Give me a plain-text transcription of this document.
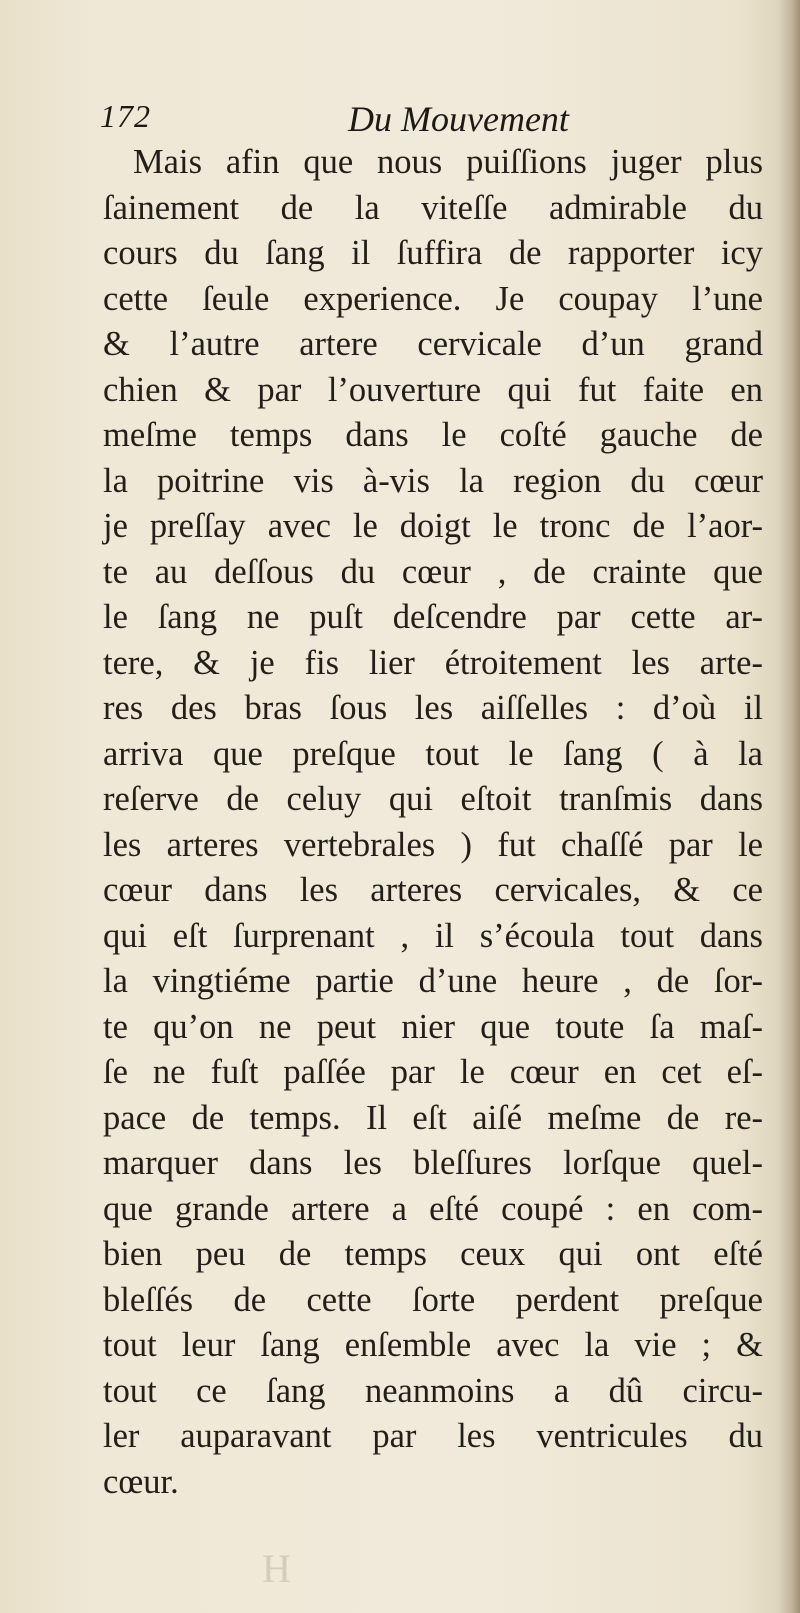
172	Du Mouvement
Mais afin que nous puiſſions juger plus
ſainement de la viteſſe admirable du
cours du ſang il ſuffira de rapporter icy
cette ſeule experience. Je coupay l’une
& l’autre artere cervicale d’un grand
chien & par l’ouverture qui fut faite en
meſme temps dans le coſté gauche de
la poitrine vis à-vis la region du cœur
je preſſay avec le doigt le tronc de l’aor-
te au deſſous du cœur , de crainte que
le ſang ne puſt deſcendre par cette ar-
tere, & je fis lier étroitement les arte-
res des bras ſous les aiſſelles : d’où il
arriva que preſque tout le ſang ( à la
reſerve de celuy qui eſtoit tranſmis dans
les arteres vertebrales ) fut chaſſé par le
cœur dans les arteres cervicales, & ce
qui eſt ſurprenant , il s’écoula tout dans
la vingtiéme partie d’une heure , de ſor-
te qu’on ne peut nier que toute ſa maſ-
ſe ne fuſt paſſée par le cœur en cet eſ-
pace de temps. Il eſt aiſé meſme de re-
marquer dans les bleſſures lorſque quel-
que grande artere a eſté coupé : en com-
bien peu de temps ceux qui ont eſté
bleſſés de cette ſorte perdent preſque
tout leur ſang enſemble avec la vie ; &
tout ce ſang neanmoins a dû circu-
ler auparavant par les ventricules du
cœur.
H
